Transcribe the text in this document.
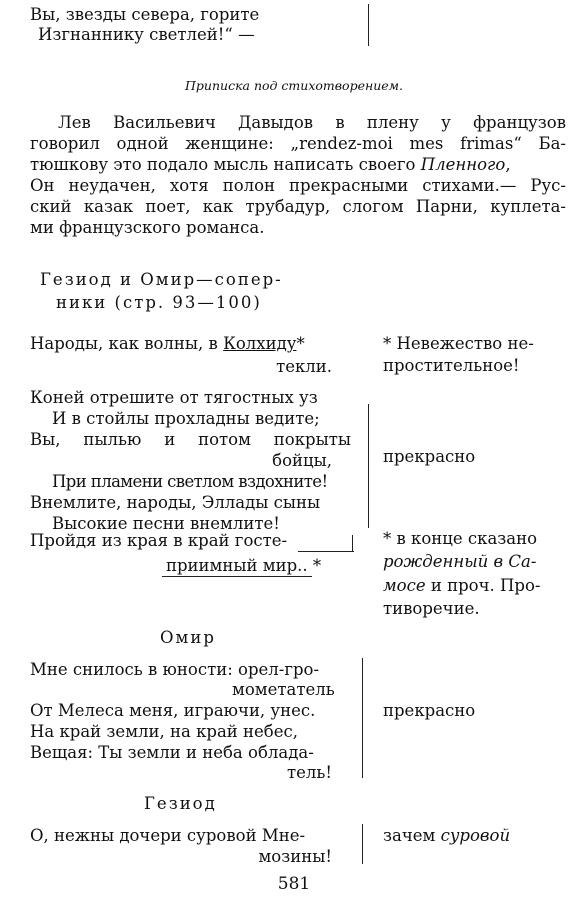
Вы, звезды севера, горите
Изгнаннику светлей!“ —
Приписка под стихотворением.
Лев Васильевич Давыдов в плену у французов
говорил одной женщине: „rendez-moi mes frimas“ Ба-
тюшкову это подало мысль написать своего Пленного,
Он неудачен, хотя полон прекрасными стихами.— Рус-
ский казак поет, как трубадур, слогом Парни, куплета-
ми французского романса.
Гезиод и Омир—сопер-
ники (стр. 93—100)
Народы, как волны, в Колхиду*
текли.
* Невежество не-
простительное!
Коней отрешите от тягостных уз
И в стойлы прохладны ведите;
Вы, пылью и потом покрыты
бойцы,
При пламени светлом вздохните!
Внемлите, народы, Эллады сыны
Высокие песни внемлите!
прекрасно
Пройдя из края в край госте-
приимный мир.. *
* в конце сказано
рожденный в Са-
мосе и проч. Про-
тиворечие.
Омир
Мне снилось в юности: орел-гро-
мометатель
От Мелеса меня, играючи, унес.
На край земли, на край небес,
Вещая: Ты земли и неба облада-
тель!
прекрасно
Гезиод
О, нежны дочери суровой Мне-
мозины!
зачем суровой
581
